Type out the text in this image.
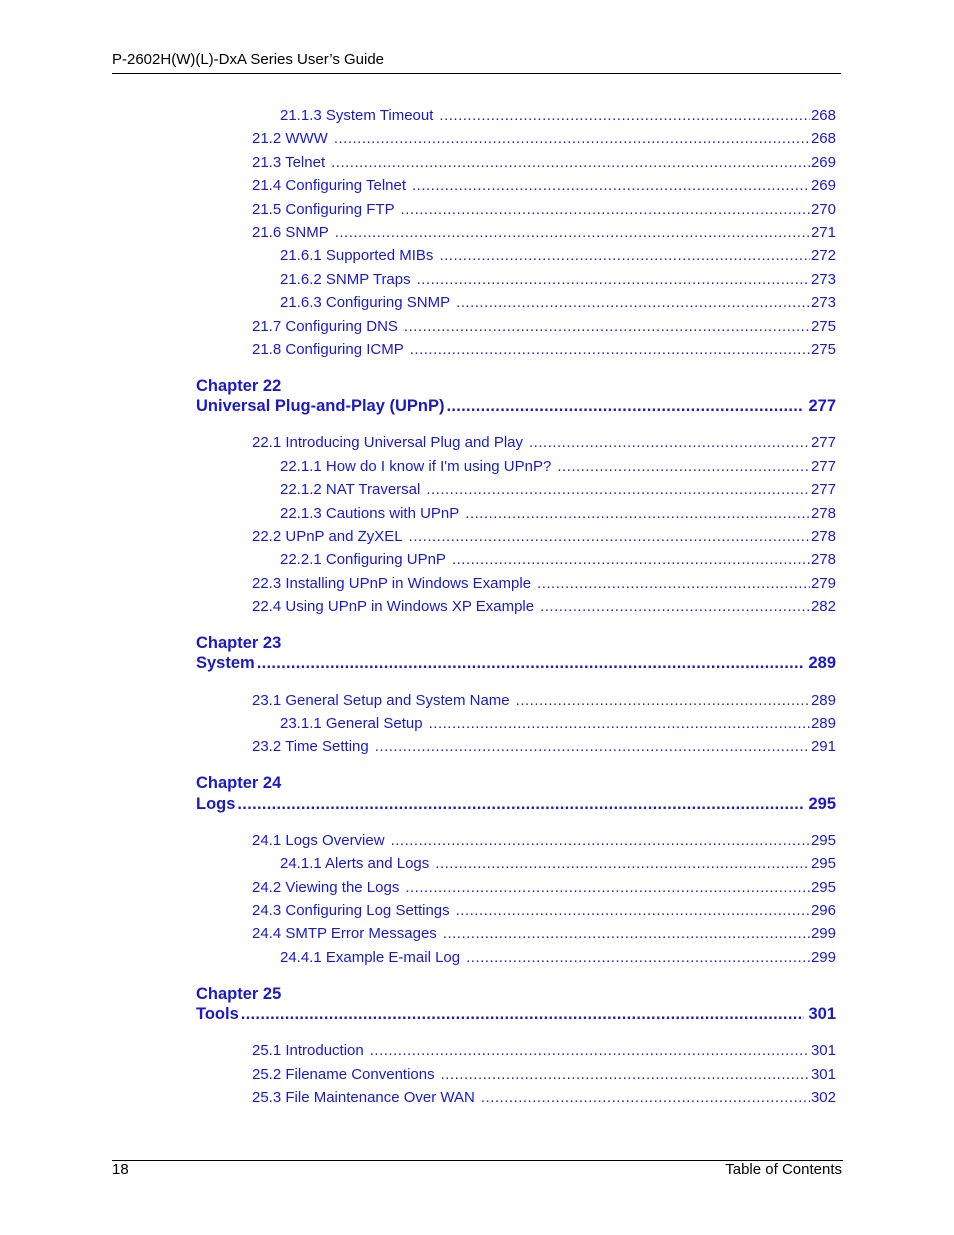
P-2602H(W)(L)-DxA Series User’s Guide
21.1.3 System Timeout .....	268
21.2 WWW .....	268
21.3 Telnet .....	269
21.4 Configuring Telnet .....	269
21.5 Configuring FTP .....	270
21.6 SNMP .....	271
21.6.1 Supported MIBs .....	272
21.6.2 SNMP Traps .....	273
21.6.3 Configuring SNMP .....	273
21.7 Configuring DNS .....	275
21.8 Configuring ICMP .....	275
Chapter 22
Universal Plug-and-Play (UPnP) .....	277
22.1 Introducing Universal Plug and Play .....	277
22.1.1 How do I know if I'm using UPnP? .....	277
22.1.2 NAT Traversal .....	277
22.1.3 Cautions with UPnP .....	278
22.2 UPnP and ZyXEL .....	278
22.2.1 Configuring UPnP .....	278
22.3 Installing UPnP in Windows Example .....	279
22.4 Using UPnP in Windows XP Example .....	282
Chapter 23
System .....	289
23.1 General Setup and System Name .....	289
23.1.1 General Setup .....	289
23.2 Time Setting .....	291
Chapter 24
Logs .....	295
24.1 Logs Overview .....	295
24.1.1 Alerts and Logs .....	295
24.2 Viewing the Logs .....	295
24.3 Configuring Log Settings .....	296
24.4 SMTP Error Messages .....	299
24.4.1 Example E-mail Log .....	299
Chapter 25
Tools .....	301
25.1 Introduction .....	301
25.2 Filename Conventions .....	301
25.3 File Maintenance Over WAN .....	302
18	Table of Contents
